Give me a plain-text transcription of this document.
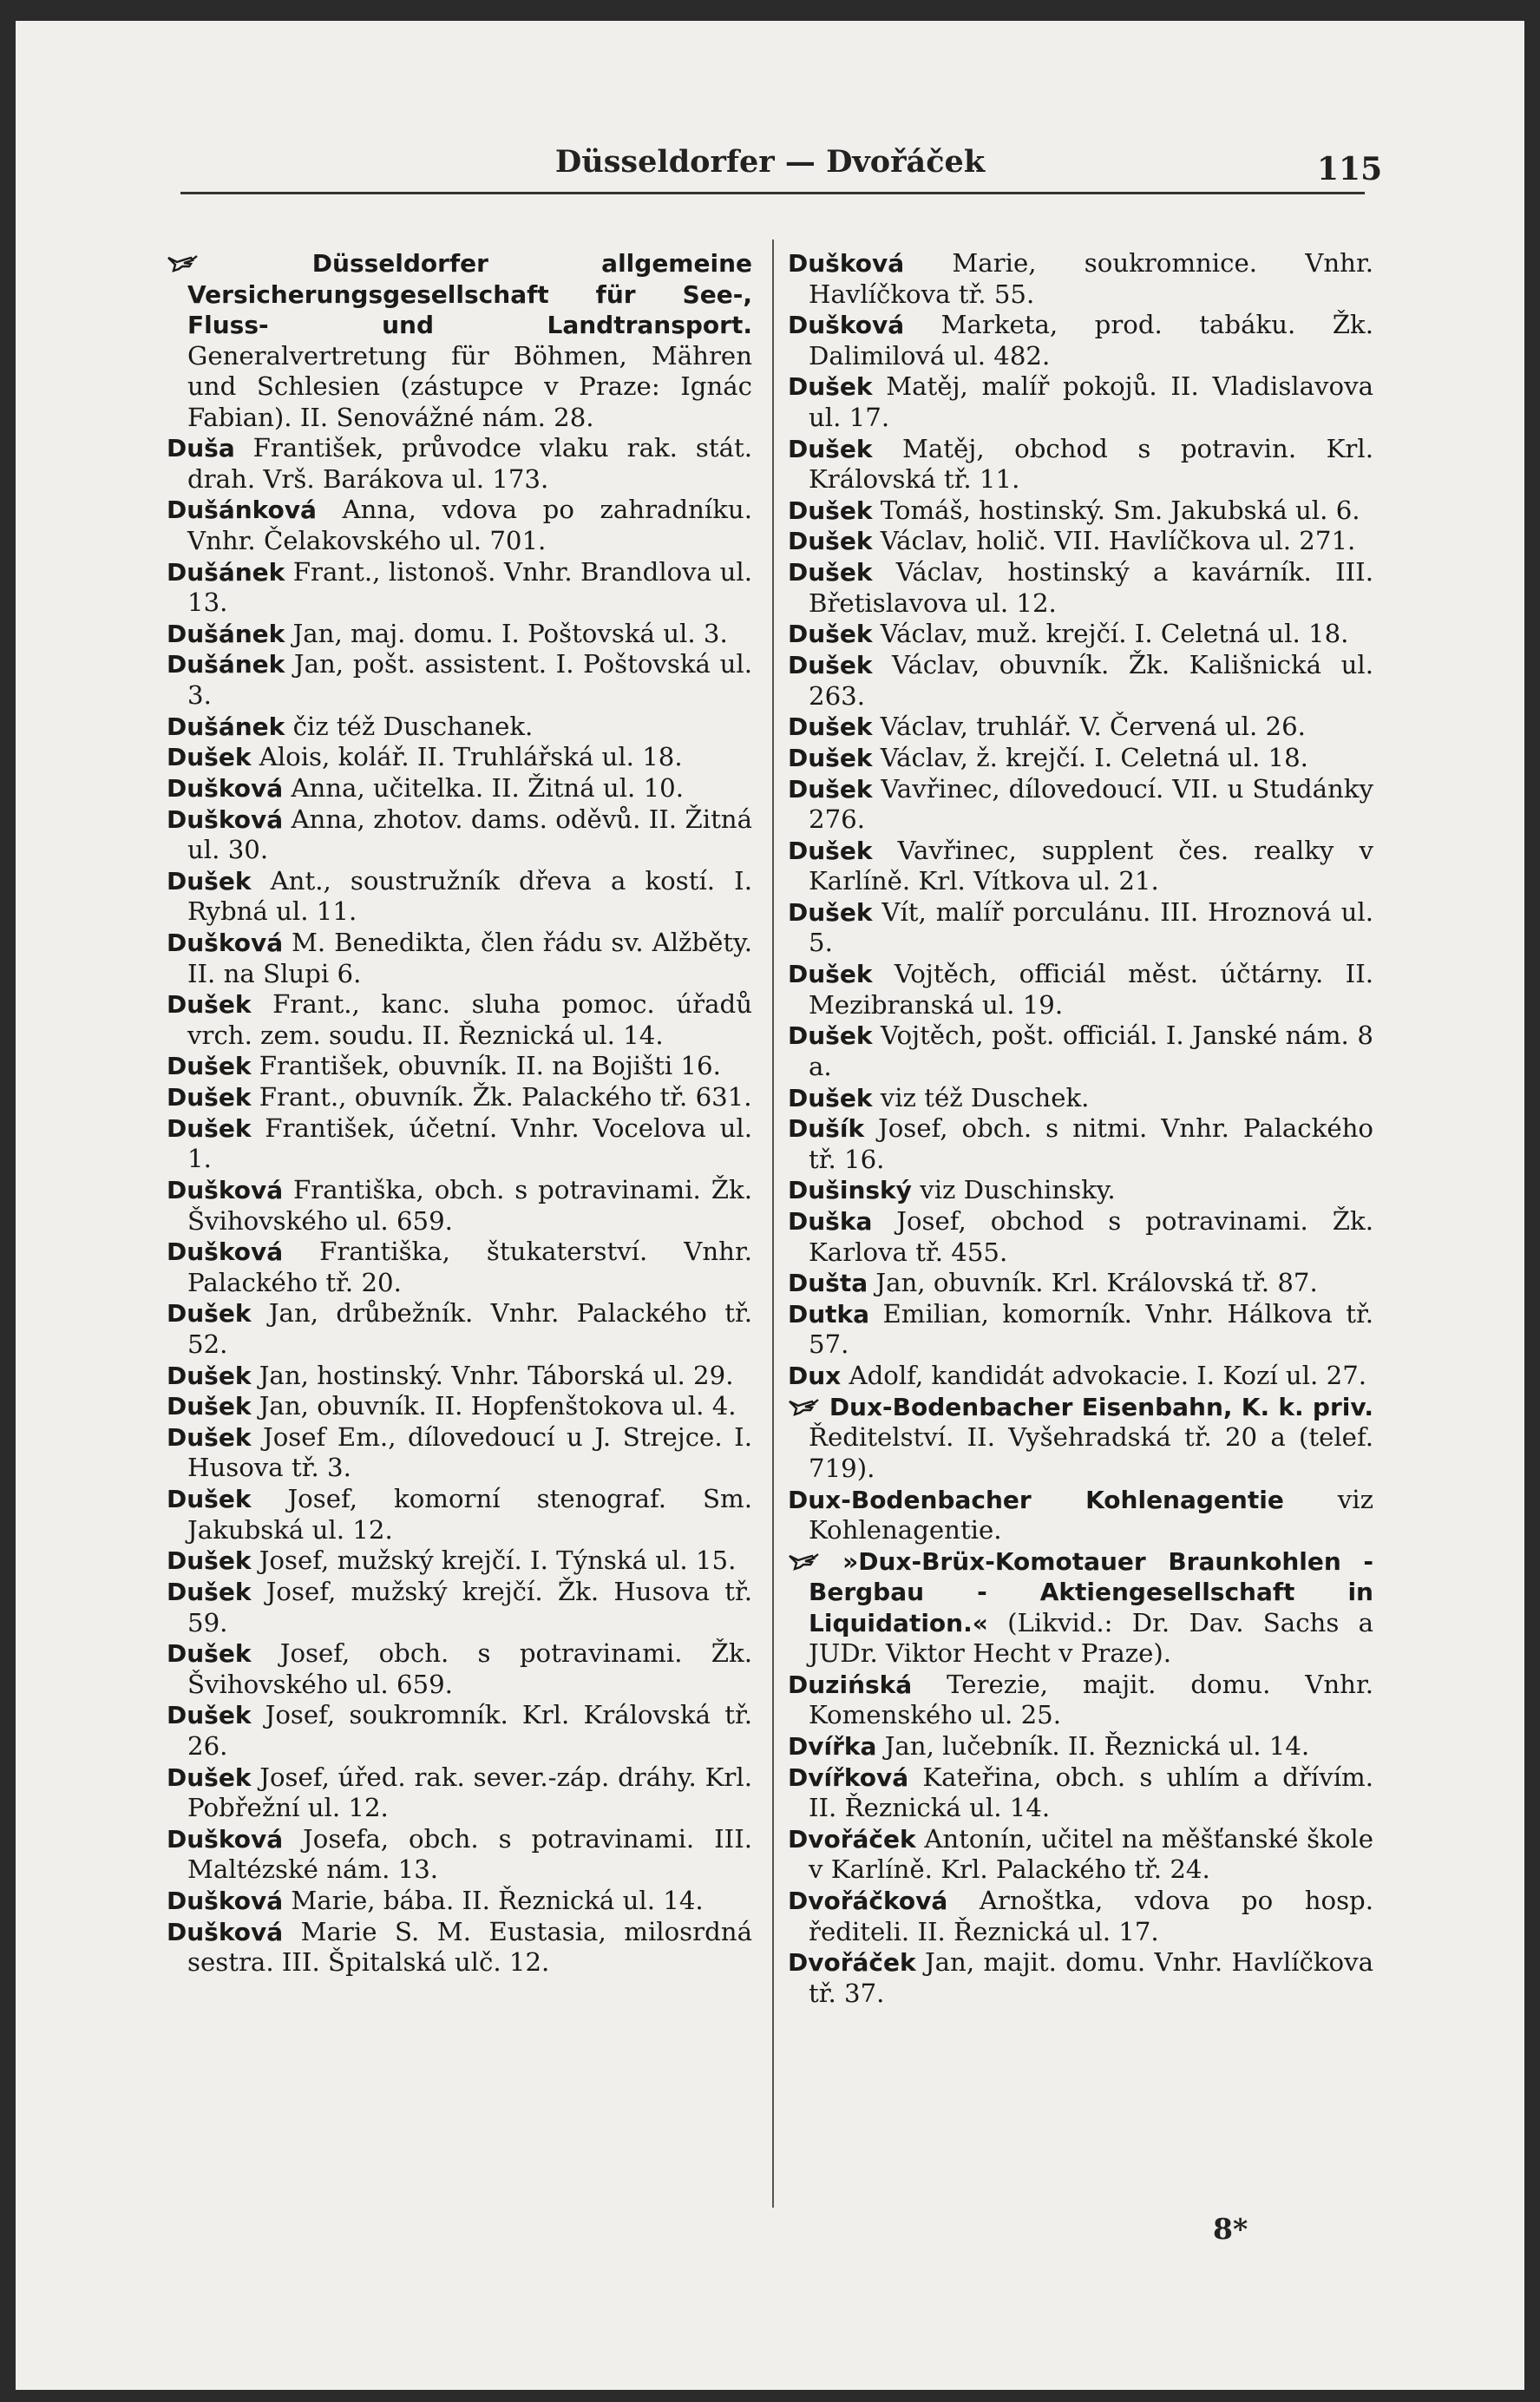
Düsseldorfer — Dvořáček	115

Düsseldorfer allgemeine Versicherungsgesellschaft für See-, Fluss- und Landtransport. Generalvertretung für Böhmen, Mähren und Schlesien (zástupce v Praze: Ignác Fabian). II. Senovážné nám. 28.

Duša František, průvodce vlaku rak. stát. drah. Vrš. Barákova ul. 173.

Dušánková Anna, vdova po zahradníku. Vnhr. Čelakovského ul. 701.

Dušánek Frant., listonoš. Vnhr. Brandlova ul. 13.

Dušánek Jan, maj. domu. I. Poštovská ul. 3.

Dušánek Jan, pošt. assistent. I. Poštovská ul. 3.

Dušánek čiz též Duschanek.

Dušek Alois, kolář. II. Truhlářská ul. 18.

Dušková Anna, učitelka. II. Žitná ul. 10.

Dušková Anna, zhotov. dams. oděvů. II. Žitná ul. 30.

Dušek Ant., soustružník dřeva a kostí. I. Rybná ul. 11.

Dušková M. Benedikta, člen řádu sv. Alžběty. II. na Slupi 6.

Dušek Frant., kanc. sluha pomoc. úřadů vrch. zem. soudu. II. Řeznická ul. 14.

Dušek František, obuvník. II. na Bojišti 16.

Dušek Frant., obuvník. Žk. Palackého tř. 631.

Dušek František, účetní. Vnhr. Vocelova ul. 1.

Dušková Františka, obch. s potravinami. Žk. Švihovského ul. 659.

Dušková Františka, štukaterství. Vnhr. Palackého tř. 20.

Dušek Jan, drůbežník. Vnhr. Palackého tř. 52.

Dušek Jan, hostinský. Vnhr. Táborská ul. 29.

Dušek Jan, obuvník. II. Hopfenštokova ul. 4.

Dušek Josef Em., dílovedoucí u J. Strejce. I. Husova tř. 3.

Dušek Josef, komorní stenograf. Sm. Jakubská ul. 12.

Dušek Josef, mužský krejčí. I. Týnská ul. 15.

Dušek Josef, mužský krejčí. Žk. Husova tř. 59.

Dušek Josef, obch. s potravinami. Žk. Švihovského ul. 659.

Dušek Josef, soukromník. Krl. Královská tř. 26.

Dušek Josef, úřed. rak. sever.-záp. dráhy. Krl. Pobřežní ul. 12.

Dušková Josefa, obch. s potravinami. III. Maltézské nám. 13.

Dušková Marie, bába. II. Řeznická ul. 14.

Dušková Marie S. M. Eustasia, milosrdná sestra. III. Špitalská ulč. 12.

Dušková Marie, soukromnice. Vnhr. Havlíčkova tř. 55.

Dušková Marketa, prod. tabáku. Žk. Dalimilová ul. 482.

Dušek Matěj, malíř pokojů. II. Vladislavova ul. 17.

Dušek Matěj, obchod s potravin. Krl. Královská tř. 11.

Dušek Tomáš, hostinský. Sm. Jakubská ul. 6.

Dušek Václav, holič. VII. Havlíčkova ul. 271.

Dušek Václav, hostinský a kavárník. III. Břetislavova ul. 12.

Dušek Václav, muž. krejčí. I. Celetná ul. 18.

Dušek Václav, obuvník. Žk. Kališnická ul. 263.

Dušek Václav, truhlář. V. Červená ul. 26.

Dušek Václav, ž. krejčí. I. Celetná ul. 18.

Dušek Vavřinec, dílovedoucí. VII. u Studánky 276.

Dušek Vavřinec, supplent čes. realky v Karlíně. Krl. Vítkova ul. 21.

Dušek Vít, malíř porculánu. III. Hroznová ul. 5.

Dušek Vojtěch, officiál měst. účtárny. II. Mezibranská ul. 19.

Dušek Vojtěch, pošt. officiál. I. Janské nám. 8 a.

Dušek viz též Duschek.

Dušík Josef, obch. s nitmi. Vnhr. Palackého tř. 16.

Dušinský viz Duschinsky.

Duška Josef, obchod s potravinami. Žk. Karlova tř. 455.

Dušta Jan, obuvník. Krl. Královská tř. 87.

Dutka Emilian, komorník. Vnhr. Hálkova tř. 57.

Dux Adolf, kandidát advokacie. I. Kozí ul. 27.

Dux-Bodenbacher Eisenbahn, K. k. priv. Ředitelství. II. Vyšehradská tř. 20 a (telef. 719).

Dux-Bodenbacher Kohlenagentie viz Kohlenagentie.

»Dux-Brüx-Komotauer Braunkohlen - Bergbau - Aktiengesellschaft in Liquidation.« (Likvid.: Dr. Dav. Sachs a JUDr. Viktor Hecht v Praze).

Duzińská Terezie, majit. domu. Vnhr. Komenského ul. 25.

Dvířka Jan, lučebník. II. Řeznická ul. 14.

Dvířková Kateřina, obch. s uhlím a dřívím. II. Řeznická ul. 14.

Dvořáček Antonín, učitel na měšťanské škole v Karlíně. Krl. Palackého tř. 24.

Dvořáčková Arnoštka, vdova po hosp. řediteli. II. Řeznická ul. 17.

Dvořáček Jan, majit. domu. Vnhr. Havlíčkova tř. 37.

8*
